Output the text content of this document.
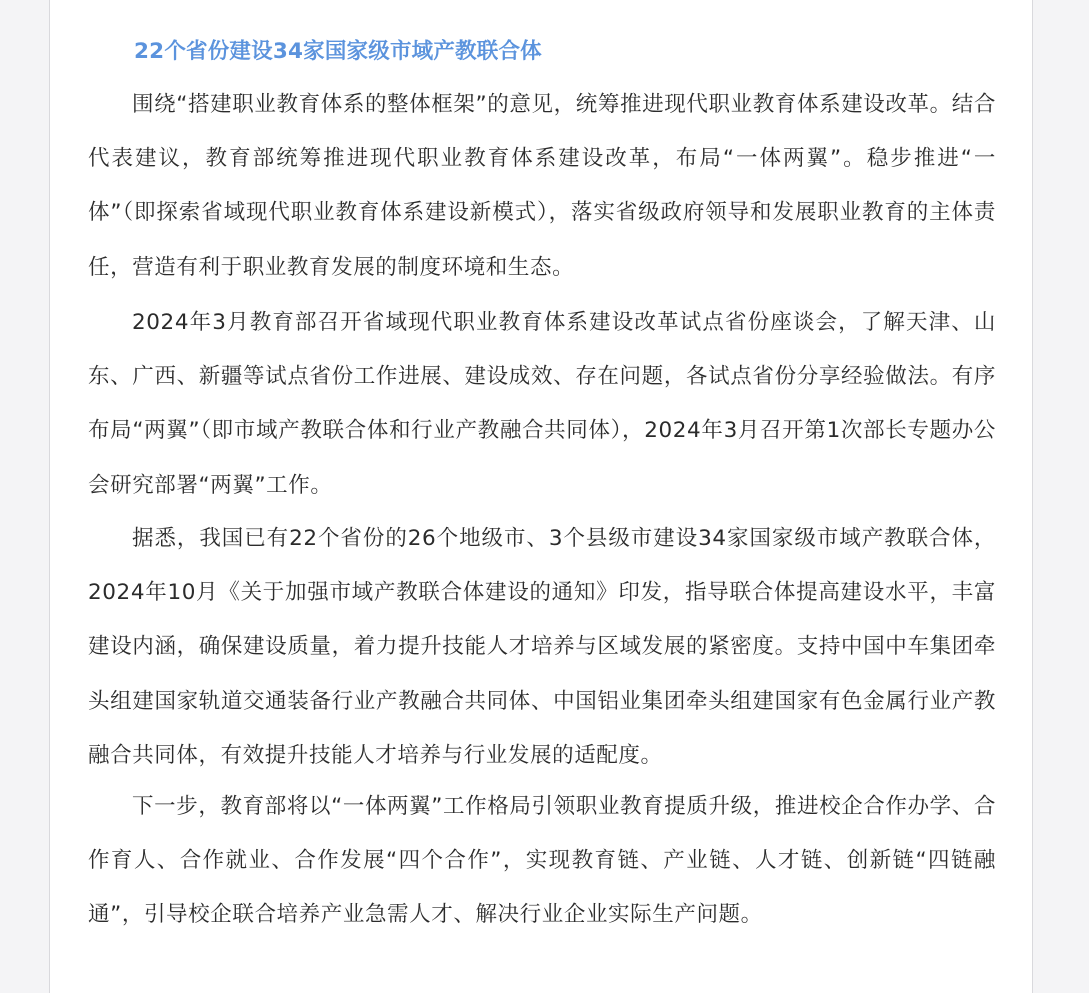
22个省份建设34家国家级市域产教联合体

围绕“搭建职业教育体系的整体框架”的意见，统筹推进现代职业教育体系建设改革。结合代表建议，教育部统筹推进现代职业教育体系建设改革，布局“一体两翼”。稳步推进“一体”（即探索省域现代职业教育体系建设新模式），落实省级政府领导和发展职业教育的主体责任，营造有利于职业教育发展的制度环境和生态。

2024年3月教育部召开省域现代职业教育体系建设改革试点省份座谈会，了解天津、山东、广西、新疆等试点省份工作进展、建设成效、存在问题，各试点省份分享经验做法。有序布局“两翼”（即市域产教联合体和行业产教融合共同体），2024年3月召开第1次部长专题办公会研究部署“两翼”工作。

据悉，我国已有22个省份的26个地级市、3个县级市建设34家国家级市域产教联合体，2024年10月《关于加强市域产教联合体建设的通知》印发，指导联合体提高建设水平，丰富建设内涵，确保建设质量，着力提升技能人才培养与区域发展的紧密度。支持中国中车集团牵头组建国家轨道交通装备行业产教融合共同体、中国铝业集团牵头组建国家有色金属行业产教融合共同体，有效提升技能人才培养与行业发展的适配度。

下一步，教育部将以“一体两翼”工作格局引领职业教育提质升级，推进校企合作办学、合作育人、合作就业、合作发展“四个合作”，实现教育链、产业链、人才链、创新链“四链融通”，引导校企联合培养产业急需人才、解决行业企业实际生产问题。
